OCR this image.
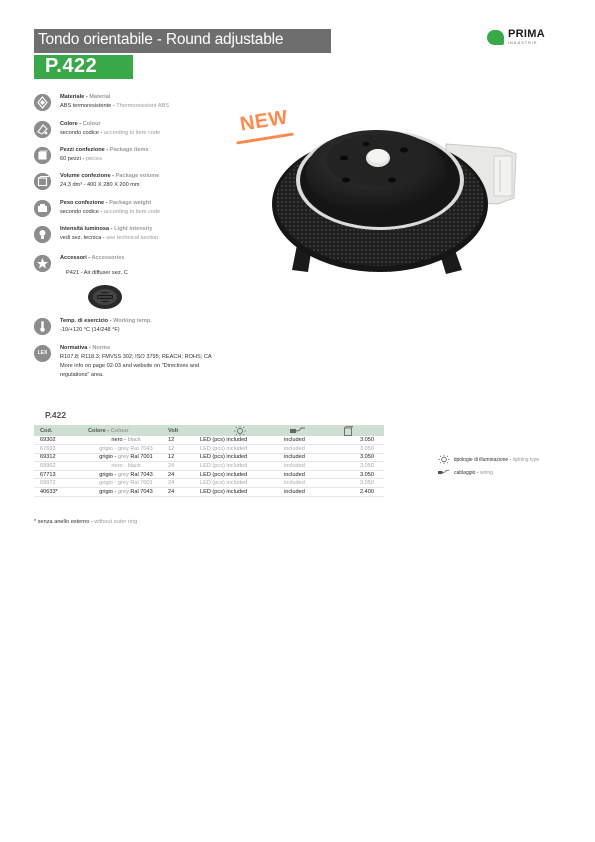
Tondo orientabile - Round adjustable
P.422
PRIMA
INDUSTRIE
Materiale - Material
ABS termoresistente - Thermoresistent ABS
Colore - Colour
secondo codice - according to item code
Pezzi confezione - Package items
60 pezzi - pieces
Volume confezione - Package volume
24,3 dm³ - 400 X 280 X 200 mm
Peso confezione - Package weight
secondo codice - according to item code
Intensità luminosa - Light intensity
vedi sez. tecnica - see technical section
Accessori - Accessories
P421 - Air diffuser sez. C
Temp. di esercizio - Working temp.
-10/+120 °C (14/248 °F)
LEX
Normativa - Norms
R107.8; R118.3; FMVSS 302; ISO 3795; REACH; ROHS; CA
More info on page 02-03 and website on "Directives and
regulations" area.
NEW
P.422
Cod.	Colore - Colour	Volt			
69302	nero - black	12	LED (pcs) included	included	3.050
67693	grigio - grey Ral 7043	12	LED (pcs) included	included	3.050
69312	grigio - grey Ral 7001	12	LED (pcs) included	included	3.050
69962	nero - black	24	LED (pcs) included	included	3.050
67713	grigio - grey Ral 7043	24	LED (pcs) included	included	3.050
69972	grigio - grey Ral 7001	24	LED (pcs) included	included	3.050
40633*	grigio - grey Ral 7043	24	LED (pcs) included	included	2.400
tipologie di illuminazione - lighting type
cablaggio - wiring
* senza anello esterno - without outer ring
